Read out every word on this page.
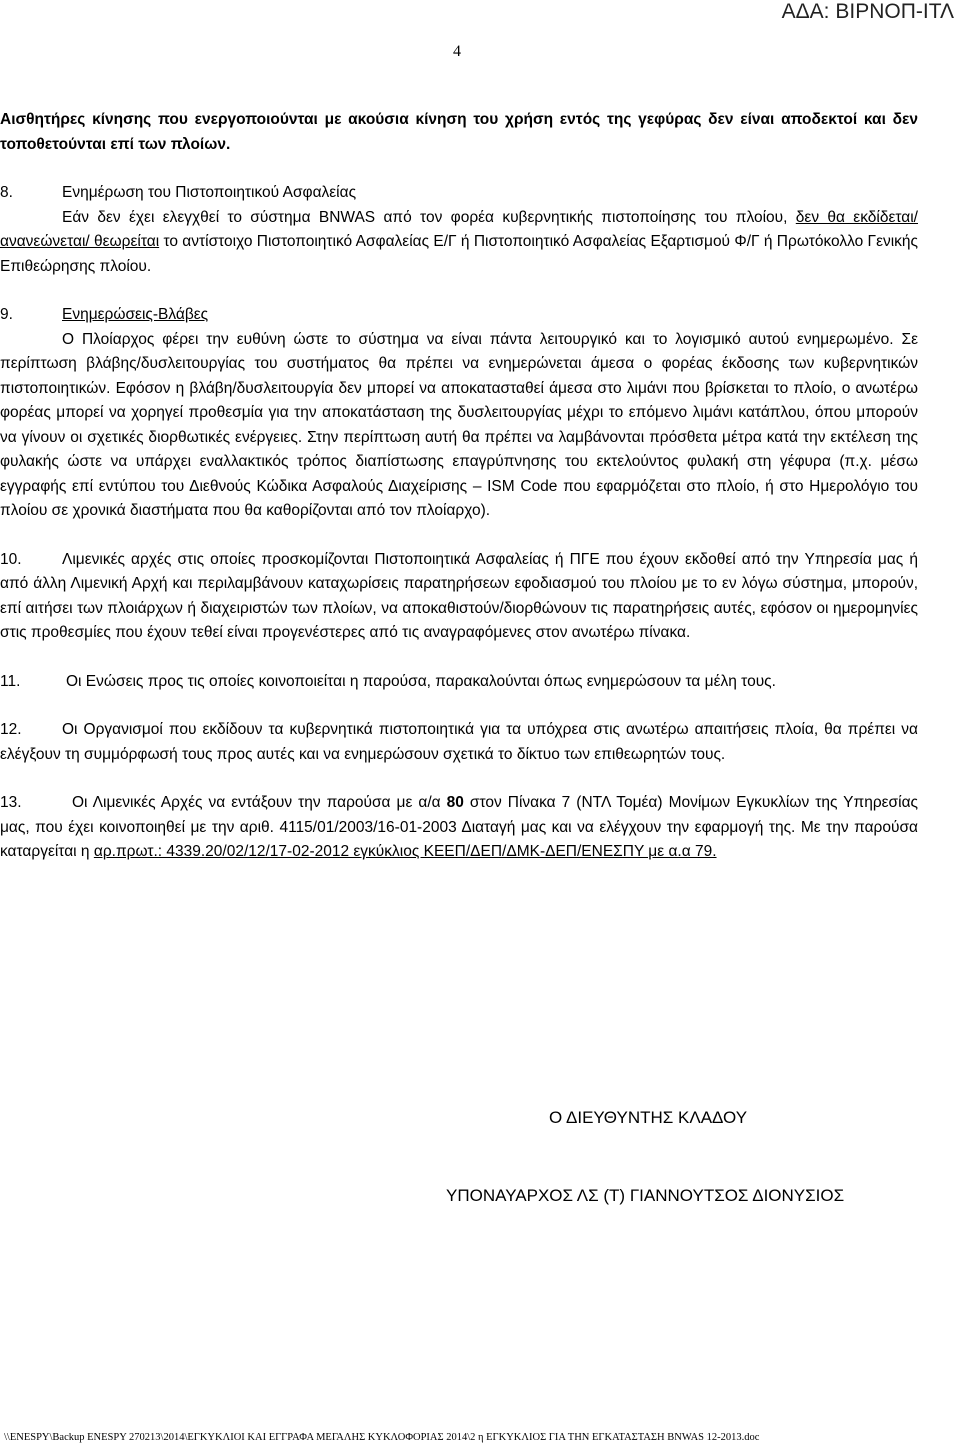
ΑΔΑ: ΒΙΡΝΟΠ-ΙΤΛ
4

Αισθητήρες κίνησης που ενεργοποιούνται με ακούσια κίνηση του χρήση εντός της γεφύρας δεν είναι αποδεκτοί και δεν τοποθετούνται επί των πλοίων.

8.	Ενημέρωση του Πιστοποιητικού Ασφαλείας

Εάν δεν έχει ελεγχθεί το σύστημα BNWAS από τον φορέα κυβερνητικής πιστοποίησης του πλοίου, δεν θα εκδίδεται/ ανανεώνεται/ θεωρείται το αντίστοιχο Πιστοποιητικό Ασφαλείας Ε/Γ ή Πιστοποιητικό Ασφαλείας Εξαρτισμού Φ/Γ ή Πρωτόκολλο Γενικής Επιθεώρησης πλοίου.

9.	Ενημερώσεις-Βλάβες

Ο Πλοίαρχος φέρει την ευθύνη ώστε το σύστημα να είναι πάντα λειτουργικό και το λογισμικό αυτού ενημερωμένο. Σε περίπτωση βλάβης/δυσλειτουργίας του συστήματος θα πρέπει να ενημερώνεται άμεσα ο φορέας έκδοσης των κυβερνητικών πιστοποιητικών. Εφόσον η βλάβη/δυσλειτουργία δεν μπορεί να αποκατασταθεί άμεσα στο λιμάνι που βρίσκεται το πλοίο, ο ανωτέρω φορέας μπορεί να χορηγεί προθεσμία για την αποκατάσταση της δυσλειτουργίας μέχρι το επόμενο λιμάνι κατάπλου, όπου μπορούν να γίνουν οι σχετικές διορθωτικές ενέργειες. Στην περίπτωση αυτή θα πρέπει να λαμβάνονται πρόσθετα μέτρα κατά την εκτέλεση της φυλακής ώστε να υπάρχει εναλλακτικός τρόπος διαπίστωσης επαγρύπνησης του εκτελούντος φυλακή στη γέφυρα (π.χ. μέσω εγγραφής επί εντύπου του Διεθνούς Κώδικα Ασφαλούς Διαχείρισης – ISM Code που εφαρμόζεται στο πλοίο, ή στο Ημερολόγιο του πλοίου σε χρονικά διαστήματα που θα καθορίζονται από τον πλοίαρχο).

10.	Λιμενικές αρχές στις οποίες προσκομίζονται Πιστοποιητικά Ασφαλείας ή ΠΓΕ που έχουν εκδοθεί από την Υπηρεσία μας ή από άλλη Λιμενική Αρχή και περιλαμβάνουν καταχωρίσεις παρατηρήσεων εφοδιασμού του πλοίου με το εν λόγω σύστημα, μπορούν, επί αιτήσει των πλοιάρχων ή διαχειριστών των πλοίων, να αποκαθιστούν/διορθώνουν τις παρατηρήσεις αυτές, εφόσον οι ημερομηνίες στις προθεσμίες που έχουν τεθεί είναι προγενέστερες από τις αναγραφόμενες στον ανωτέρω πίνακα.

11.	Οι Ενώσεις προς τις οποίες κοινοποιείται η παρούσα, παρακαλούνται όπως ενημερώσουν τα μέλη τους.

12.	Οι Οργανισμοί που εκδίδουν τα κυβερνητικά πιστοποιητικά για τα υπόχρεα στις ανωτέρω απαιτήσεις πλοία, θα πρέπει να ελέγξουν τη συμμόρφωσή τους προς αυτές και να ενημερώσουν σχετικά το δίκτυο των επιθεωρητών τους.

13.	Οι Λιμενικές Αρχές να εντάξουν την παρούσα με α/α 80 στον Πίνακα 7 (ΝΤΛ Τομέα) Μονίμων Εγκυκλίων της Υπηρεσίας μας, που έχει κοινοποιηθεί με την αριθ. 4115/01/2003/16-01-2003 Διαταγή μας και να ελέγχουν την εφαρμογή της. Με την παρούσα καταργείται η αρ.πρωτ.: 4339.20/02/12/17-02-2012 εγκύκλιος ΚΕΕΠ/ΔΕΠ/ΔΜΚ-ΔΕΠ/ΕΝΕΣΠΥ με α.α 79.

Ο ΔΙΕΥΘΥΝΤΗΣ ΚΛΑΔΟΥ
ΥΠΟΝΑΥΑΡΧΟΣ ΛΣ (Τ) ΓΙΑΝΝΟΥΤΣΟΣ ΔΙΟΝΥΣΙΟΣ
\\ENESPY\Backup ENESPY 270213\2014\ΕΓΚΥΚΛΙΟΙ ΚΑΙ ΕΓΓΡΑΦΑ ΜΕΓΑΛΗΣ ΚΥΚΛΟΦΟΡΙΑΣ 2014\2 η ΕΓΚΥΚΛΙΟΣ ΓΙΑ ΤΗΝ ΕΓΚΑΤΑΣΤΑΣΗ BNWAS 12-2013.doc
